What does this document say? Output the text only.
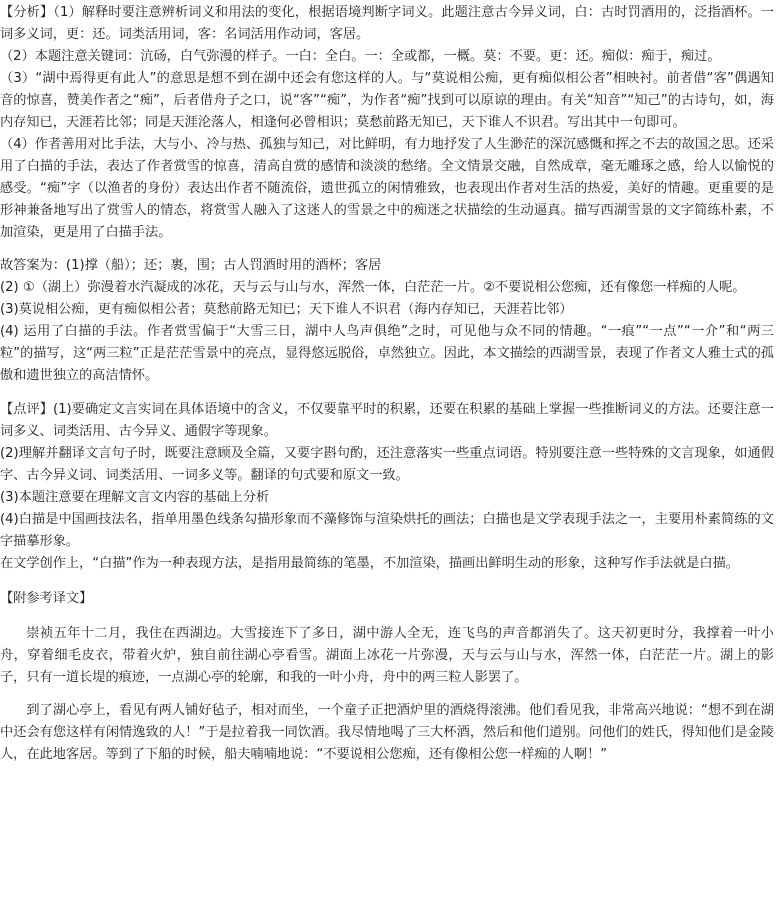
【分析】（1）解释时要注意辨析词义和用法的变化，根据语境判断字词义。此题注意古今异义词，白：古时罚酒用的，泛指酒杯。一词多义词，更：还。词类活用词，客：名词活用作动词，客居。

（2）本题注意关键词：沆砀，白气弥漫的样子。一白：全白。一：全或都，一概。莫：不要。更：还。痴似：痴于，痴过。

（3）“湖中焉得更有此人”的意思是想不到在湖中还会有您这样的人。与“莫说相公痴，更有痴似相公者”相映衬。前者借“客”偶遇知音的惊喜，赞美作者之“痴”，后者借舟子之口，说“客”“痴”，为作者“痴”找到可以原谅的理由。有关“知音”“知己”的古诗句，如，海内存知已，天涯若比邻；同是天涯沦落人，相逢何必曾相识；莫愁前路无知已，天下谁人不识君。写出其中一句即可。

（4）作者善用对比手法，大与小、冷与热、孤独与知己，对比鲜明，有力地抒发了人生渺茫的深沉感慨和挥之不去的故国之思。还采用了白描的手法，表达了作者赏雪的惊喜，清高自赏的感情和淡淡的愁绪。全文情景交融，自然成章，毫无雕琢之感，给人以愉悦的感受。“痴”字（以渔者的身份）表达出作者不随流俗，遗世孤立的闲情雅致，也表现出作者对生活的热爱，美好的情趣。更重要的是形神兼备地写出了赏雪人的情态，将赏雪人融入了这迷人的雪景之中的痴迷之状描绘的生动逼真。描写西湖雪景的文字简练朴素，不加渲染，更是用了白描手法。

故答案为：(1)撑（船）；还；裹，围；古人罚酒时用的酒杯；客居

(2) ①（湖上）弥漫着水汽凝成的冰花，天与云与山与水，浑然一体，白茫茫一片。②不要说相公您痴，还有像您一样痴的人呢。

(3)莫说相公痴，更有痴似相公者；莫愁前路无知已；天下谁人不识君（海内存知已，天涯若比邻）

(4) 运用了白描的手法。作者赏雪偏于“大雪三日，湖中人鸟声俱绝”之时，可见他与众不同的情趣。“一痕”“一点”“一介”和“两三粒”的描写，这“两三粒”正是茫茫雪景中的亮点，显得悠远脱俗，卓然独立。因此，本文描绘的西湖雪景，表现了作者文人雅士式的孤傲和遗世独立的高洁情怀。

【点评】(1)要确定文言实词在具体语境中的含义，不仅要靠平时的积累，还要在积累的基础上掌握一些推断词义的方法。还要注意一词多义、词类活用、古今异义、通假字等现象。

(2)理解并翻译文言句子时，既要注意顾及全篇，又要字斟句酌，还注意落实一些重点词语。特别要注意一些特殊的文言现象，如通假字、古今异义词、词类活用、一词多义等。翻译的句式要和原文一致。

(3)本题注意要在理解文言文内容的基础上分析

(4)白描是中国画技法名，指单用墨色线条勾描形象而不藻修饰与渲染烘托的画法；白描也是文学表现手法之一，主要用朴素简练的文字描摹形象。

在文学创作上，“白描”作为一种表现方法，是指用最简练的笔墨，不加渲染，描画出鲜明生动的形象，这种写作手法就是白描。

【附参考译文】

崇祯五年十二月，我住在西湖边。大雪接连下了多日，湖中游人全无，连飞鸟的声音都消失了。这天初更时分，我撑着一叶小舟，穿着细毛皮衣，带着火炉，独自前往湖心亭看雪。湖面上冰花一片弥漫，天与云与山与水，浑然一体，白茫茫一片。湖上的影子，只有一道长堤的痕迹，一点湖心亭的轮廓，和我的一叶小舟，舟中的两三粒人影罢了。

到了湖心亭上，看见有两人铺好毡子，相对而坐，一个童子正把酒炉里的酒烧得滚沸。他们看见我，非常高兴地说：“想不到在湖中还会有您这样有闲情逸致的人！”于是拉着我一同饮酒。我尽情地喝了三大杯酒，然后和他们道别。问他们的姓氏，得知他们是金陵人，在此地客居。等到了下船的时候，船夫喃喃地说：“不要说相公您痴，还有像相公您一样痴的人啊！”
